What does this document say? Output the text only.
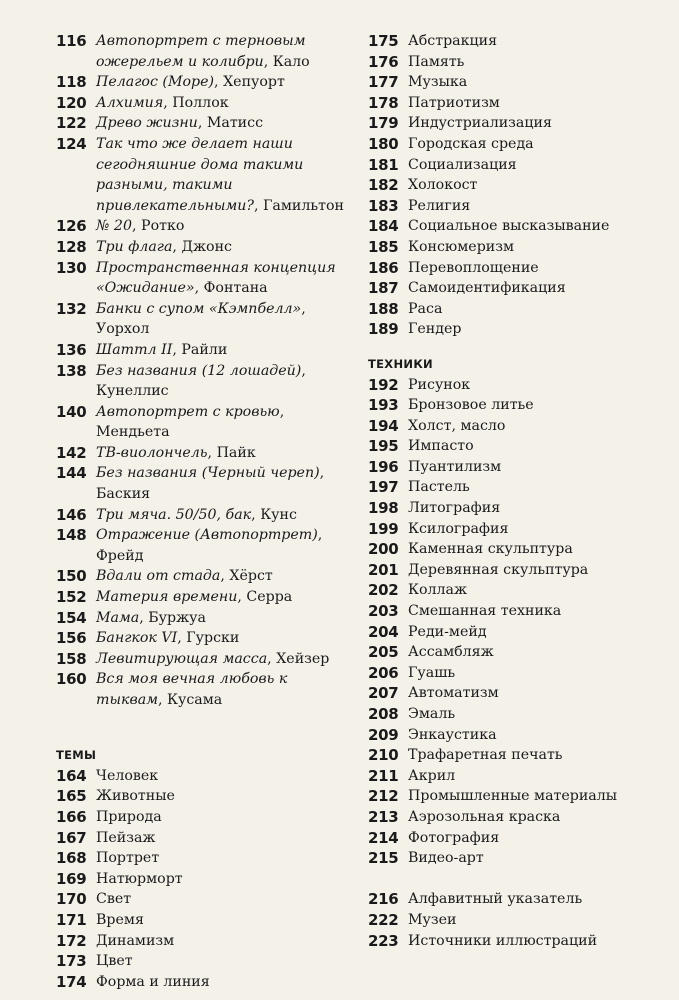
116 Автопортрет с терновым ожерельем и колибри, Кало
118 Пелагос (Море), Хепуорт
120 Алхимия, Поллок
122 Древо жизни, Матисс
124 Так что же делает наши сегодняшние дома такими разными, такими привлекательными?, Гамильтон
126 № 20, Ротко
128 Три флага, Джонс
130 Пространственная концепция «Ожидание», Фонтана
132 Банки с супом «Кэмпбелл», Уорхол
136 Шаттл II, Райли
138 Без названия (12 лошадей), Кунеллис
140 Автопортрет с кровью, Мендьета
142 ТВ-виолончель, Пайк
144 Без названия (Черный череп), Баския
146 Три мяча. 50/50, бак, Кунс
148 Отражение (Автопортрет), Фрейд
150 Вдали от стада, Хёрст
152 Материя времени, Серра
154 Мама, Буржуа
156 Бангкок VI, Гурски
158 Левитирующая масса, Хейзер
160 Вся моя вечная любовь к тыквам, Кусама
ТЕМЫ
164 Человек
165 Животные
166 Природа
167 Пейзаж
168 Портрет
169 Натюрморт
170 Свет
171 Время
172 Динамизм
173 Цвет
174 Форма и линия
175 Абстракция
176 Память
177 Музыка
178 Патриотизм
179 Индустриализация
180 Городская среда
181 Социализация
182 Холокост
183 Религия
184 Социальное высказывание
185 Консюмеризм
186 Перевоплощение
187 Самоидентификация
188 Раса
189 Гендер
ТЕХНИКИ
192 Рисунок
193 Бронзовое литье
194 Холст, масло
195 Импасто
196 Пуантилизм
197 Пастель
198 Литография
199 Ксилография
200 Каменная скульптура
201 Деревянная скульптура
202 Коллаж
203 Смешанная техника
204 Реди-мейд
205 Ассамбляж
206 Гуашь
207 Автоматизм
208 Эмаль
209 Энкаустика
210 Трафаретная печать
211 Акрил
212 Промышленные материалы
213 Аэрозольная краска
214 Фотография
215 Видео-арт
216 Алфавитный указатель
222 Музеи
223 Источники иллюстраций
